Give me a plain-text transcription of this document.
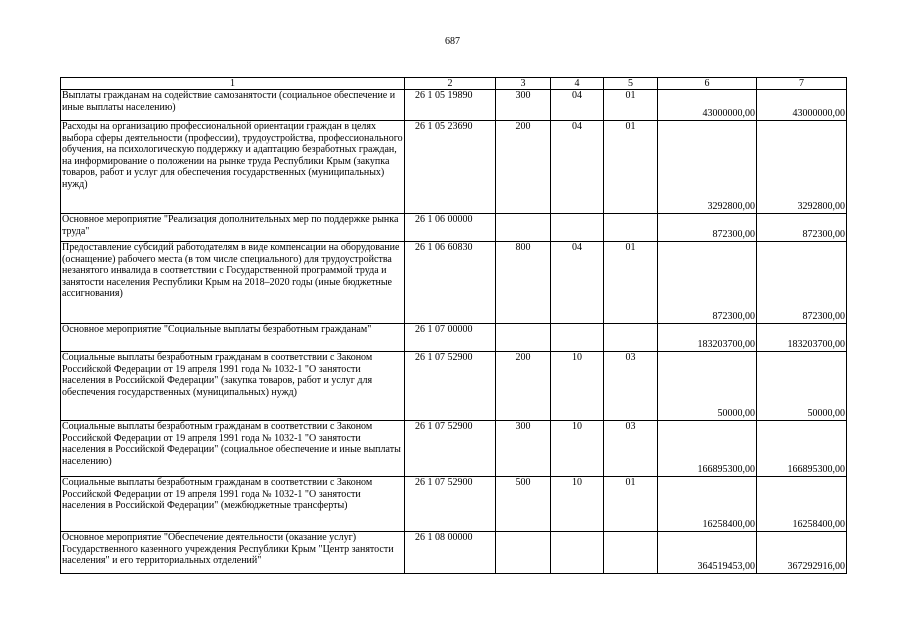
687
1	2	3	4	5	6	7
Выплаты гражданам на содействие самозанятости (социальное обеспечение и иные выплаты населению)	26 1 05 19890	300	04	01	43000000,00	43000000,00
Расходы на организацию профессиональной ориентации граждан в целях выбора сферы деятельности (профессии), трудоустройства, профессионального обучения, на психологическую поддержку и адаптацию безработных граждан, на информирование о положении на рынке труда Республики Крым (закупка товаров, работ и услуг для обеспечения государственных (муниципальных) нужд)	26 1 05 23690	200	04	01	3292800,00	3292800,00
Основное мероприятие "Реализация дополнительных мер по поддержке рынка труда"	26 1 06 00000				872300,00	872300,00
Предоставление субсидий работодателям в виде компенсации на оборудование (оснащение) рабочего места (в том числе специального) для трудоустройства незанятого инвалида в соответствии с Государственной программой труда и занятости населения Республики Крым на 2018–2020 годы (иные бюджетные ассигнования)	26 1 06 60830	800	04	01	872300,00	872300,00
Основное мероприятие "Социальные выплаты безработным гражданам"	26 1 07 00000				183203700,00	183203700,00
Социальные выплаты безработным гражданам в соответствии с Законом Российской Федерации от 19 апреля 1991 года № 1032-1 "О занятости населения в Российской Федерации" (закупка товаров, работ и услуг для обеспечения государственных (муниципальных) нужд)	26 1 07 52900	200	10	03	50000,00	50000,00
Социальные выплаты безработным гражданам в соответствии с Законом Российской Федерации от 19 апреля 1991 года № 1032-1 "О занятости населения в Российской Федерации" (социальное обеспечение и иные выплаты населению)	26 1 07 52900	300	10	03	166895300,00	166895300,00
Социальные выплаты безработным гражданам в соответствии с Законом Российской Федерации от 19 апреля 1991 года № 1032-1 "О занятости населения в Российской Федерации" (межбюджетные трансферты)	26 1 07 52900	500	10	01	16258400,00	16258400,00
Основное мероприятие "Обеспечение деятельности (оказание услуг) Государственного казенного учреждения Республики Крым "Центр занятости населения" и его территориальных отделений"	26 1 08 00000				364519453,00	367292916,00
